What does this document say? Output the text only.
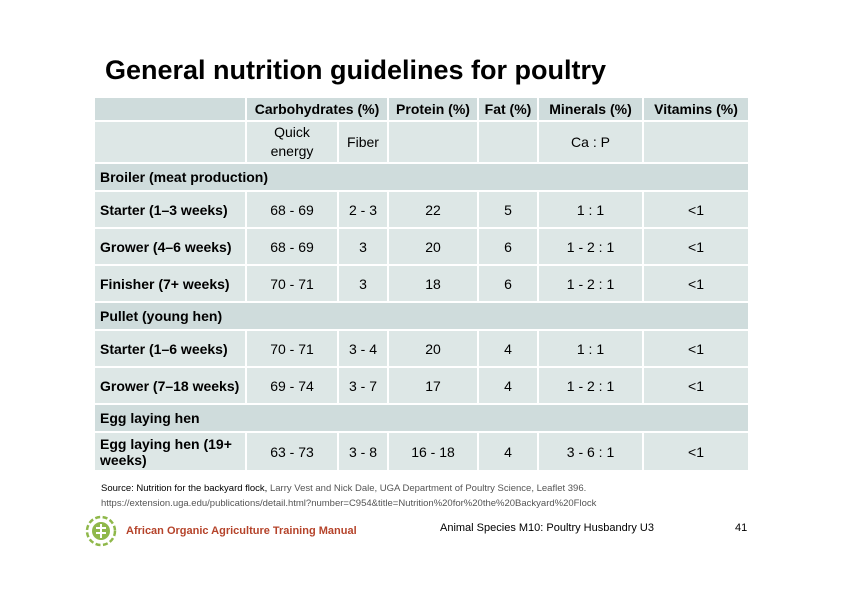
General nutrition guidelines for poultry
	Carbohydrates (%)		Protein (%)	Fat (%)	Minerals (%)	Vitamins (%)
	Quick energy	Fiber			Ca : P	
Broiler (meat production)						
Starter (1–3 weeks)	68 - 69	2 - 3	22	5	1 : 1	<1
Grower (4–6 weeks)	68 - 69	3	20	6	1 - 2 : 1	<1
Finisher (7+ weeks)	70 - 71	3	18	6	1 - 2 : 1	<1
Pullet (young hen)						
Starter (1–6 weeks)	70 - 71	3 - 4	20	4	1 : 1	<1
Grower (7–18 weeks)	69 - 74	3 - 7	17	4	1 - 2 : 1	<1
Egg laying hen						
Egg laying hen (19+ weeks)	63 - 73	3 - 8	16 - 18	4	3 - 6 : 1	<1
Source: Nutrition for the backyard flock, Larry Vest and Nick Dale, UGA Department of Poultry Science, Leaflet 396.
https://extension.uga.edu/publications/detail.html?number=C954&title=Nutrition%20for%20the%20Backyard%20Flock
African Organic Agriculture Training Manual	Animal Species M10: Poultry Husbandry U3	41
